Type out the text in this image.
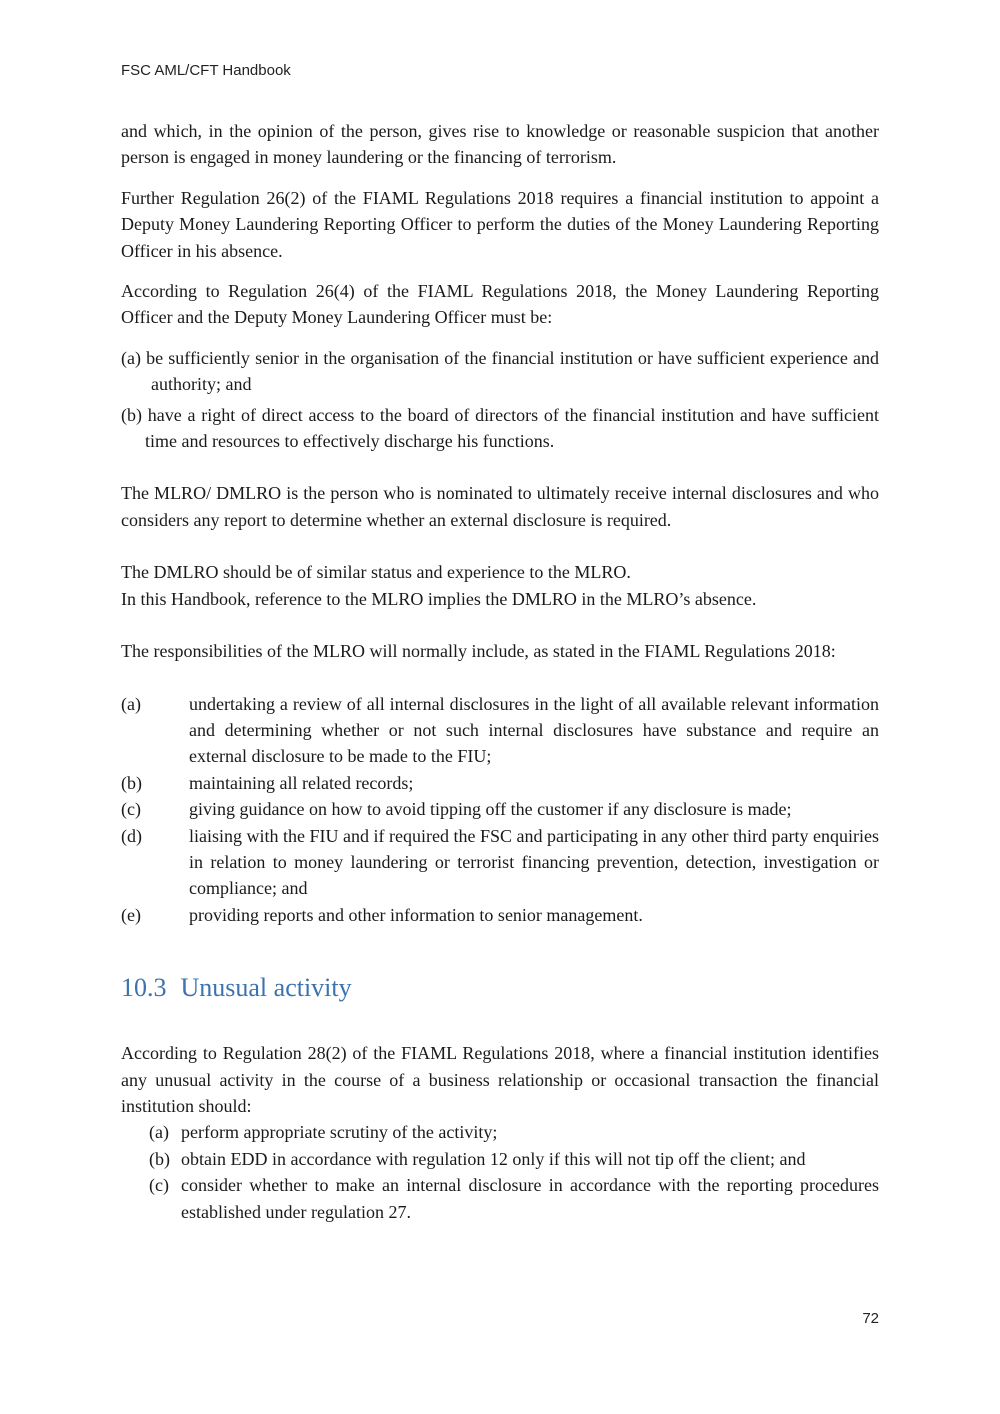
FSC AML/CFT Handbook

and which, in the opinion of the person, gives rise to knowledge or reasonable suspicion that another person is engaged in money laundering or the financing of terrorism.

Further Regulation 26(2) of the FIAML Regulations 2018 requires a financial institution to appoint a Deputy Money Laundering Reporting Officer to perform the duties of the Money Laundering Reporting Officer in his absence.

According to Regulation 26(4) of the FIAML Regulations 2018, the Money Laundering Reporting Officer and the Deputy Money Laundering Officer must be:

(a) be sufficiently senior in the organisation of the financial institution or have sufficient experience and authority; and
(b) have a right of direct access to the board of directors of the financial institution and have sufficient time and resources to effectively discharge his functions.

The MLRO/ DMLRO is the person who is nominated to ultimately receive internal disclosures and who considers any report to determine whether an external disclosure is required.

The DMLRO should be of similar status and experience to the MLRO.

In this Handbook, reference to the MLRO implies the DMLRO in the MLRO’s absence.

The responsibilities of the MLRO will normally include, as stated in the FIAML Regulations 2018:

(a)	undertaking a review of all internal disclosures in the light of all available relevant information and determining whether or not such internal disclosures have substance and require an external disclosure to be made to the FIU;
(b)	maintaining all related records;
(c)	giving guidance on how to avoid tipping off the customer if any disclosure is made;
(d)	liaising with the FIU and if required the FSC and participating in any other third party enquiries in relation to money laundering or terrorist financing prevention, detection, investigation or compliance; and
(e)	providing reports and other information to senior management.
10.3 Unusual activity

According to Regulation 28(2) of the FIAML Regulations 2018, where a financial institution identifies any unusual activity in the course of a business relationship or occasional transaction the financial institution should:

(a) perform appropriate scrutiny of the activity;
(b) obtain EDD in accordance with regulation 12 only if this will not tip off the client; and
(c) consider whether to make an internal disclosure in accordance with the reporting procedures established under regulation 27.
72
